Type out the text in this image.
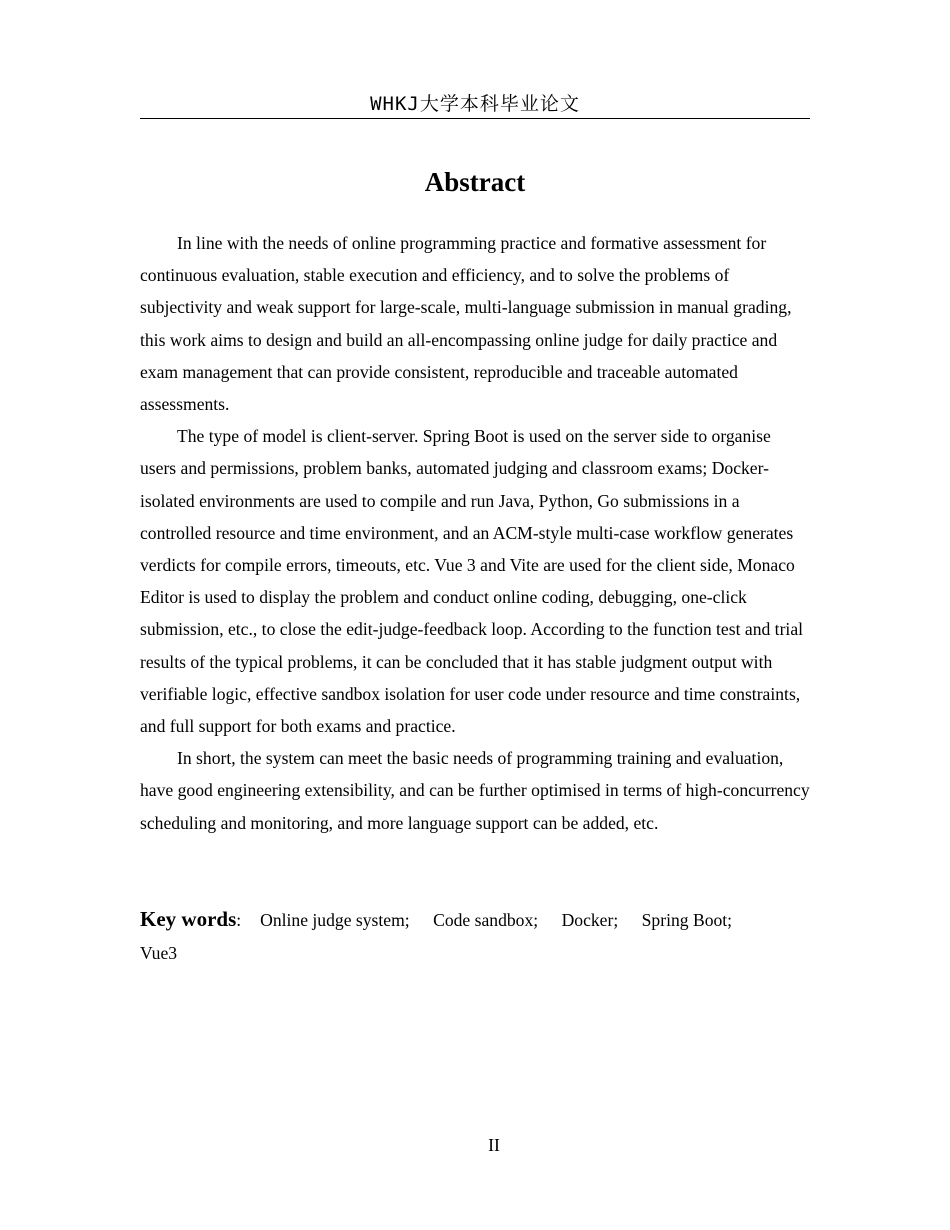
WHKJ大学本科毕业论文
Abstract

In line with the needs of online programming practice and formative assessment for continuous evaluation, stable execution and efficiency, and to solve the problems of subjectivity and weak support for large-scale, multi-language submission in manual grading, this work aims to design and build an all-encompassing online judge for daily practice and exam management that can provide consistent, reproducible and traceable automated assessments.

The type of model is client-server. Spring Boot is used on the server side to organise users and permissions, problem banks, automated judging and classroom exams; Docker-isolated environments are used to compile and run Java, Python, Go submissions in a controlled resource and time environment, and an ACM-style multi-case workflow generates verdicts for compile errors, timeouts, etc. Vue 3 and Vite are used for the client side, Monaco Editor is used to display the problem and conduct online coding, debugging, one-click submission, etc., to close the edit-judge-feedback loop. According to the function test and trial results of the typical problems, it can be concluded that it has stable judgment output with verifiable logic, effective sandbox isolation for user code under resource and time constraints, and full support for both exams and practice.

In short, the system can meet the basic needs of programming training and evaluation, have good engineering extensibility, and can be further optimised in terms of high-concurrency scheduling and monitoring, and more language support can be added, etc.

Key words: Online judge system; Code sandbox; Docker; Spring Boot; Vue3
II
